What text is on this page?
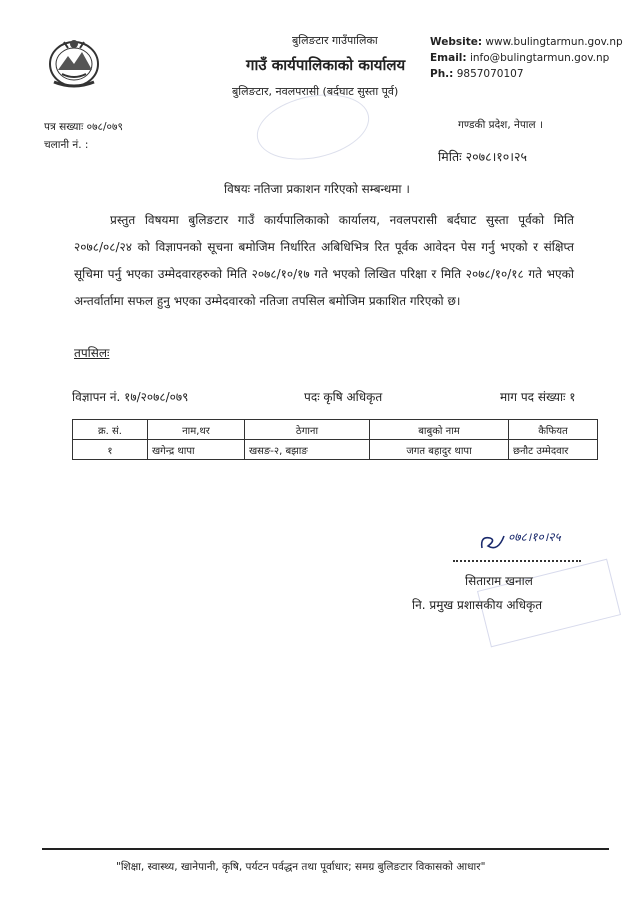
बुलिङटार गाउँपालिका
गाउँ कार्यपालिकाको कार्यालय
बुलिङटार, नवलपरासी (बर्दघाट सुस्ता पूर्व)
Website: www.bulingtarmun.gov.np
Email: info@bulingtarmun.gov.np
Ph.: 9857070107
पत्र सख्याः ०७८/०७९
चलानी नं. :
गण्डकी प्रदेश, नेपाल ।
मितिः २०७८।१०।२५
विषयः नतिजा प्रकाशन गरिएको सम्बन्धमा ।
प्रस्तुत विषयमा बुलिङटार गाउँ कार्यपालिकाको कार्यालय, नवलपरासी बर्दघाट सुस्ता पूर्वको मिति २०७८/०८/२४ को विज्ञापनको सूचना बमोजिम निर्धारित अबिधिभित्र रित पूर्वक आवेदन पेस गर्नु भएको र संक्षिप्त सूचिमा पर्नु भएका उम्मेदवारहरुको मिति २०७८/१०/१७ गते भएको लिखित परिक्षा र मिति २०७८/१०/१८ गते भएको अन्तर्वार्तामा सफल हुनु भएका उम्मेदवारको नतिजा तपसिल बमोजिम प्रकाशित गरिएको छ।
तपसिलः
विज्ञापन नं. १७/२०७८/०७९	पदः कृषि अधिकृत	माग पद संख्याः १
क्र. सं.	नाम,थर	ठेगाना	बाबुको नाम	कैफियत
१	खगेन्द्र थापा	खसङ-२, बझाङ	जगत बहादुर थापा	छनौट उम्मेदवार
०७८।१०।२५
सिताराम खनाल
नि. प्रमुख प्रशासकीय अधिकृत
"शिक्षा, स्वास्थ्य, खानेपानी, कृषि, पर्यटन पर्वद्धन तथा पूर्वाधार; समग्र बुलिङटार विकासको आधार"
